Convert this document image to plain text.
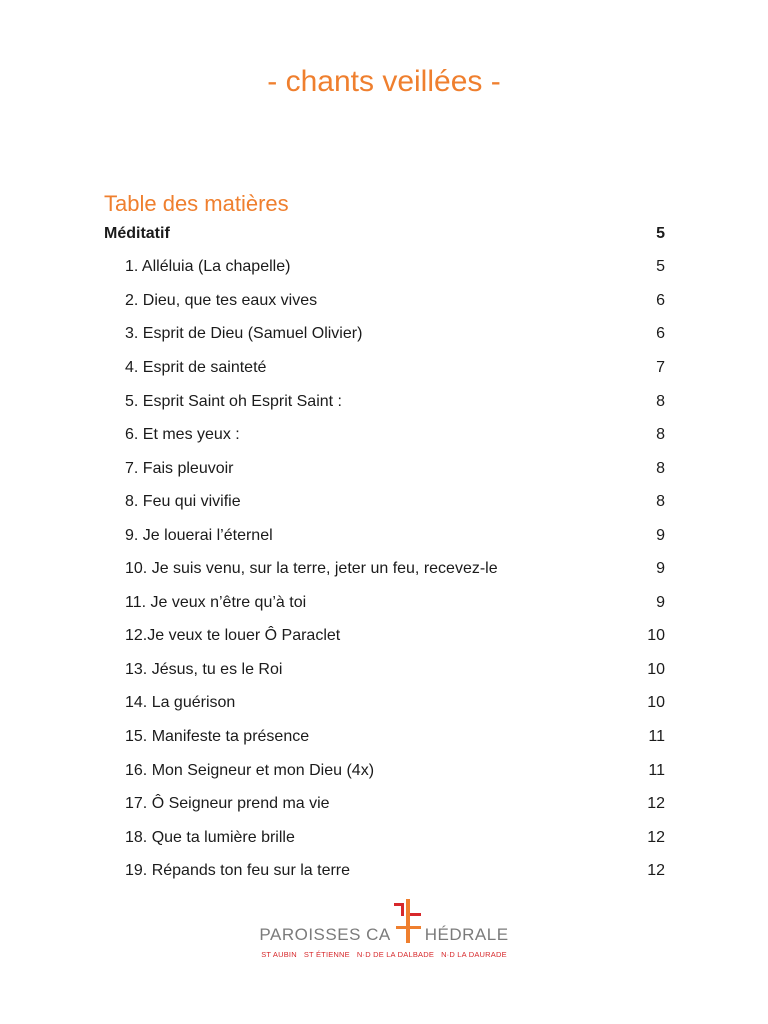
- chants veillées -
Table des matières
Méditatif	5
1. Alléluia (La chapelle)	5
2. Dieu, que tes eaux vives	6
3. Esprit de Dieu (Samuel Olivier)	6
4. Esprit de sainteté	7
5. Esprit Saint oh Esprit Saint :	8
6. Et mes yeux :	8
7. Fais pleuvoir	8
8. Feu qui vivifie	8
9. Je louerai l’éternel	9
10. Je suis venu, sur la terre, jeter un feu, recevez-le	9
11. Je veux n’être qu’à toi	9
12.Je veux te louer Ô Paraclet	10
13. Jésus, tu es le Roi	10
14. La guérison	10
15. Manifeste ta présence	11
16. Mon Seigneur et mon Dieu (4x)	11
17. Ô Seigneur prend ma vie	12
18. Que ta lumière brille	12
19. Répands ton feu sur la terre	12
PAROISSES CA HÉDRALE
ST AUBIN ST ÉTIENNE N·D DE LA DALBADE N·D LA DAURADE
